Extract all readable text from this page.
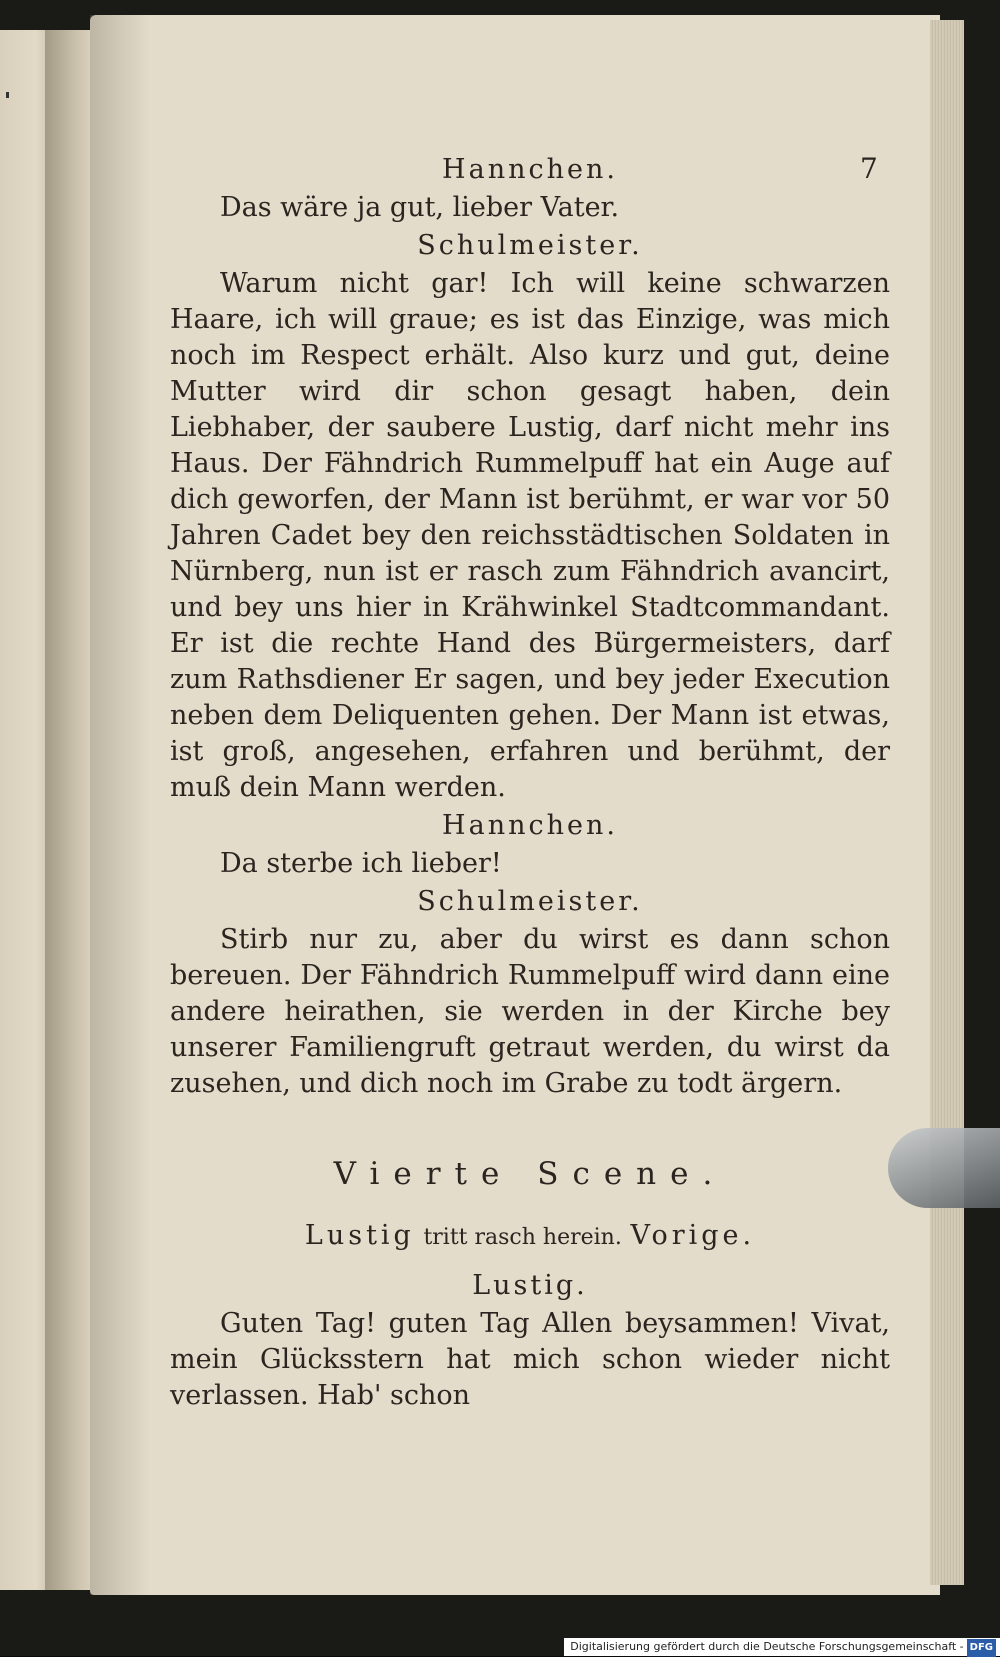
7
Hannchen.

Das wäre ja gut, lieber Vater.

Schulmeister.

Warum nicht gar! Ich will keine schwarzen Haare, ich will graue; es ist das Einzige, was mich noch im Respect erhält. Also kurz und gut, deine Mutter wird dir schon gesagt haben, dein Liebhaber, der saubere Lustig, darf nicht mehr ins Haus. Der Fähndrich Rummelpuff hat ein Auge auf dich geworfen, der Mann ist berühmt, er war vor 50 Jahren Cadet bey den reichsstädtischen Soldaten in Nürnberg, nun ist er rasch zum Fähndrich avancirt, und bey uns hier in Krähwinkel Stadtcommandant. Er ist die rechte Hand des Bürgermeisters, darf zum Rathsdiener Er sagen, und bey jeder Execution neben dem Deliquenten gehen. Der Mann ist etwas, ist groß, angesehen, erfahren und berühmt, der muß dein Mann werden.

Hannchen.

Da sterbe ich lieber!

Schulmeister.

Stirb nur zu, aber du wirst es dann schon bereuen. Der Fähndrich Rummelpuff wird dann eine andere heirathen, sie werden in der Kirche bey unserer Familiengruft getraut werden, du wirst da zusehen, und dich noch im Grabe zu todt ärgern.

Vierte Scene.
Lustig tritt rasch herein. Vorige.
Lustig.

Guten Tag! guten Tag Allen beysammen! Vivat, mein Glücksstern hat mich schon wieder nicht verlassen. Hab' schon

Digitalisierung gefördert durch die Deutsche Forschungsgemeinschaft - DFG
